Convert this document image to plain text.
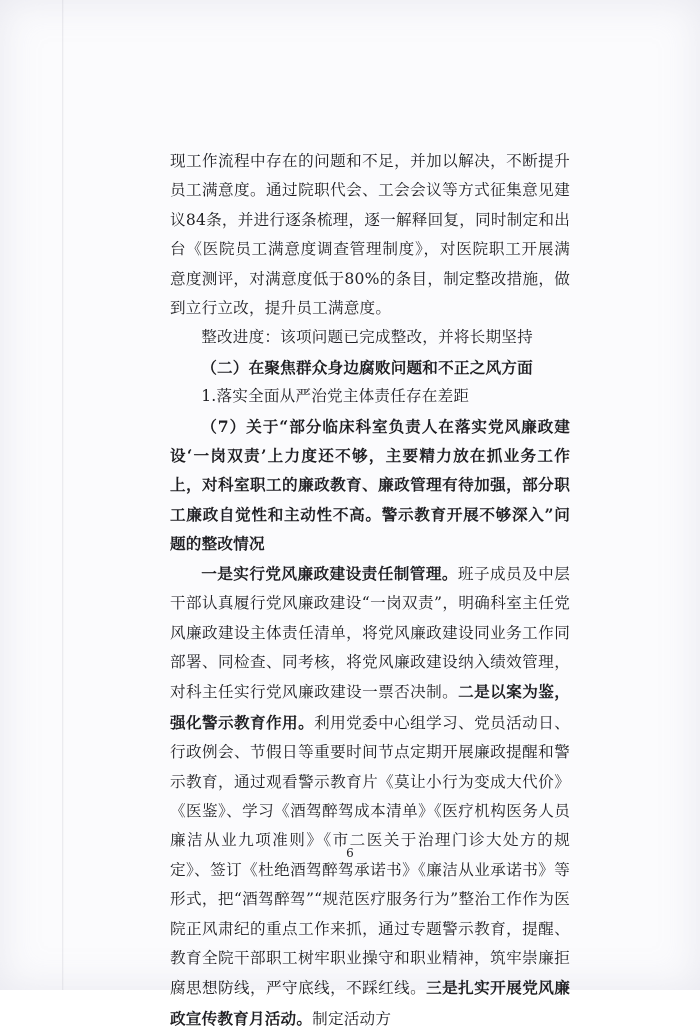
现工作流程中存在的问题和不足，并加以解决，不断提升员工满意度。通过院职代会、工会会议等方式征集意见建议84条，并进行逐条梳理，逐一解释回复，同时制定和出台《医院员工满意度调查管理制度》，对医院职工开展满意度测评，对满意度低于80%的条目，制定整改措施，做到立行立改，提升员工满意度。

整改进度：该项问题已完成整改，并将长期坚持

（二）在聚焦群众身边腐败问题和不正之风方面

1.落实全面从严治党主体责任存在差距

（7）关于“部分临床科室负责人在落实党风廉政建设‘一岗双责’上力度还不够，主要精力放在抓业务工作上，对科室职工的廉政教育、廉政管理有待加强，部分职工廉政自觉性和主动性不高。警示教育开展不够深入”问题的整改情况

一是实行党风廉政建设责任制管理。班子成员及中层干部认真履行党风廉政建设“一岗双责”，明确科室主任党风廉政建设主体责任清单，将党风廉政建设同业务工作同部署、同检查、同考核，将党风廉政建设纳入绩效管理，对科主任实行党风廉政建设一票否决制。二是以案为鉴，强化警示教育作用。利用党委中心组学习、党员活动日、行政例会、节假日等重要时间节点定期开展廉政提醒和警示教育，通过观看警示教育片《莫让小行为变成大代价》《医鉴》、学习《酒驾醉驾成本清单》《医疗机构医务人员廉洁从业九项准则》《市二医关于治理门诊大处方的规定》、签订《杜绝酒驾醉驾承诺书》《廉洁从业承诺书》等形式，把“酒驾醉驾”“规范医疗服务行为”整治工作作为医院正风肃纪的重点工作来抓，通过专题警示教育，提醒、教育全院干部职工树牢职业操守和职业精神，筑牢崇廉拒腐思想防线，严守底线，不踩红线。三是扎实开展党风廉政宣传教育月活动。制定活动方

6
